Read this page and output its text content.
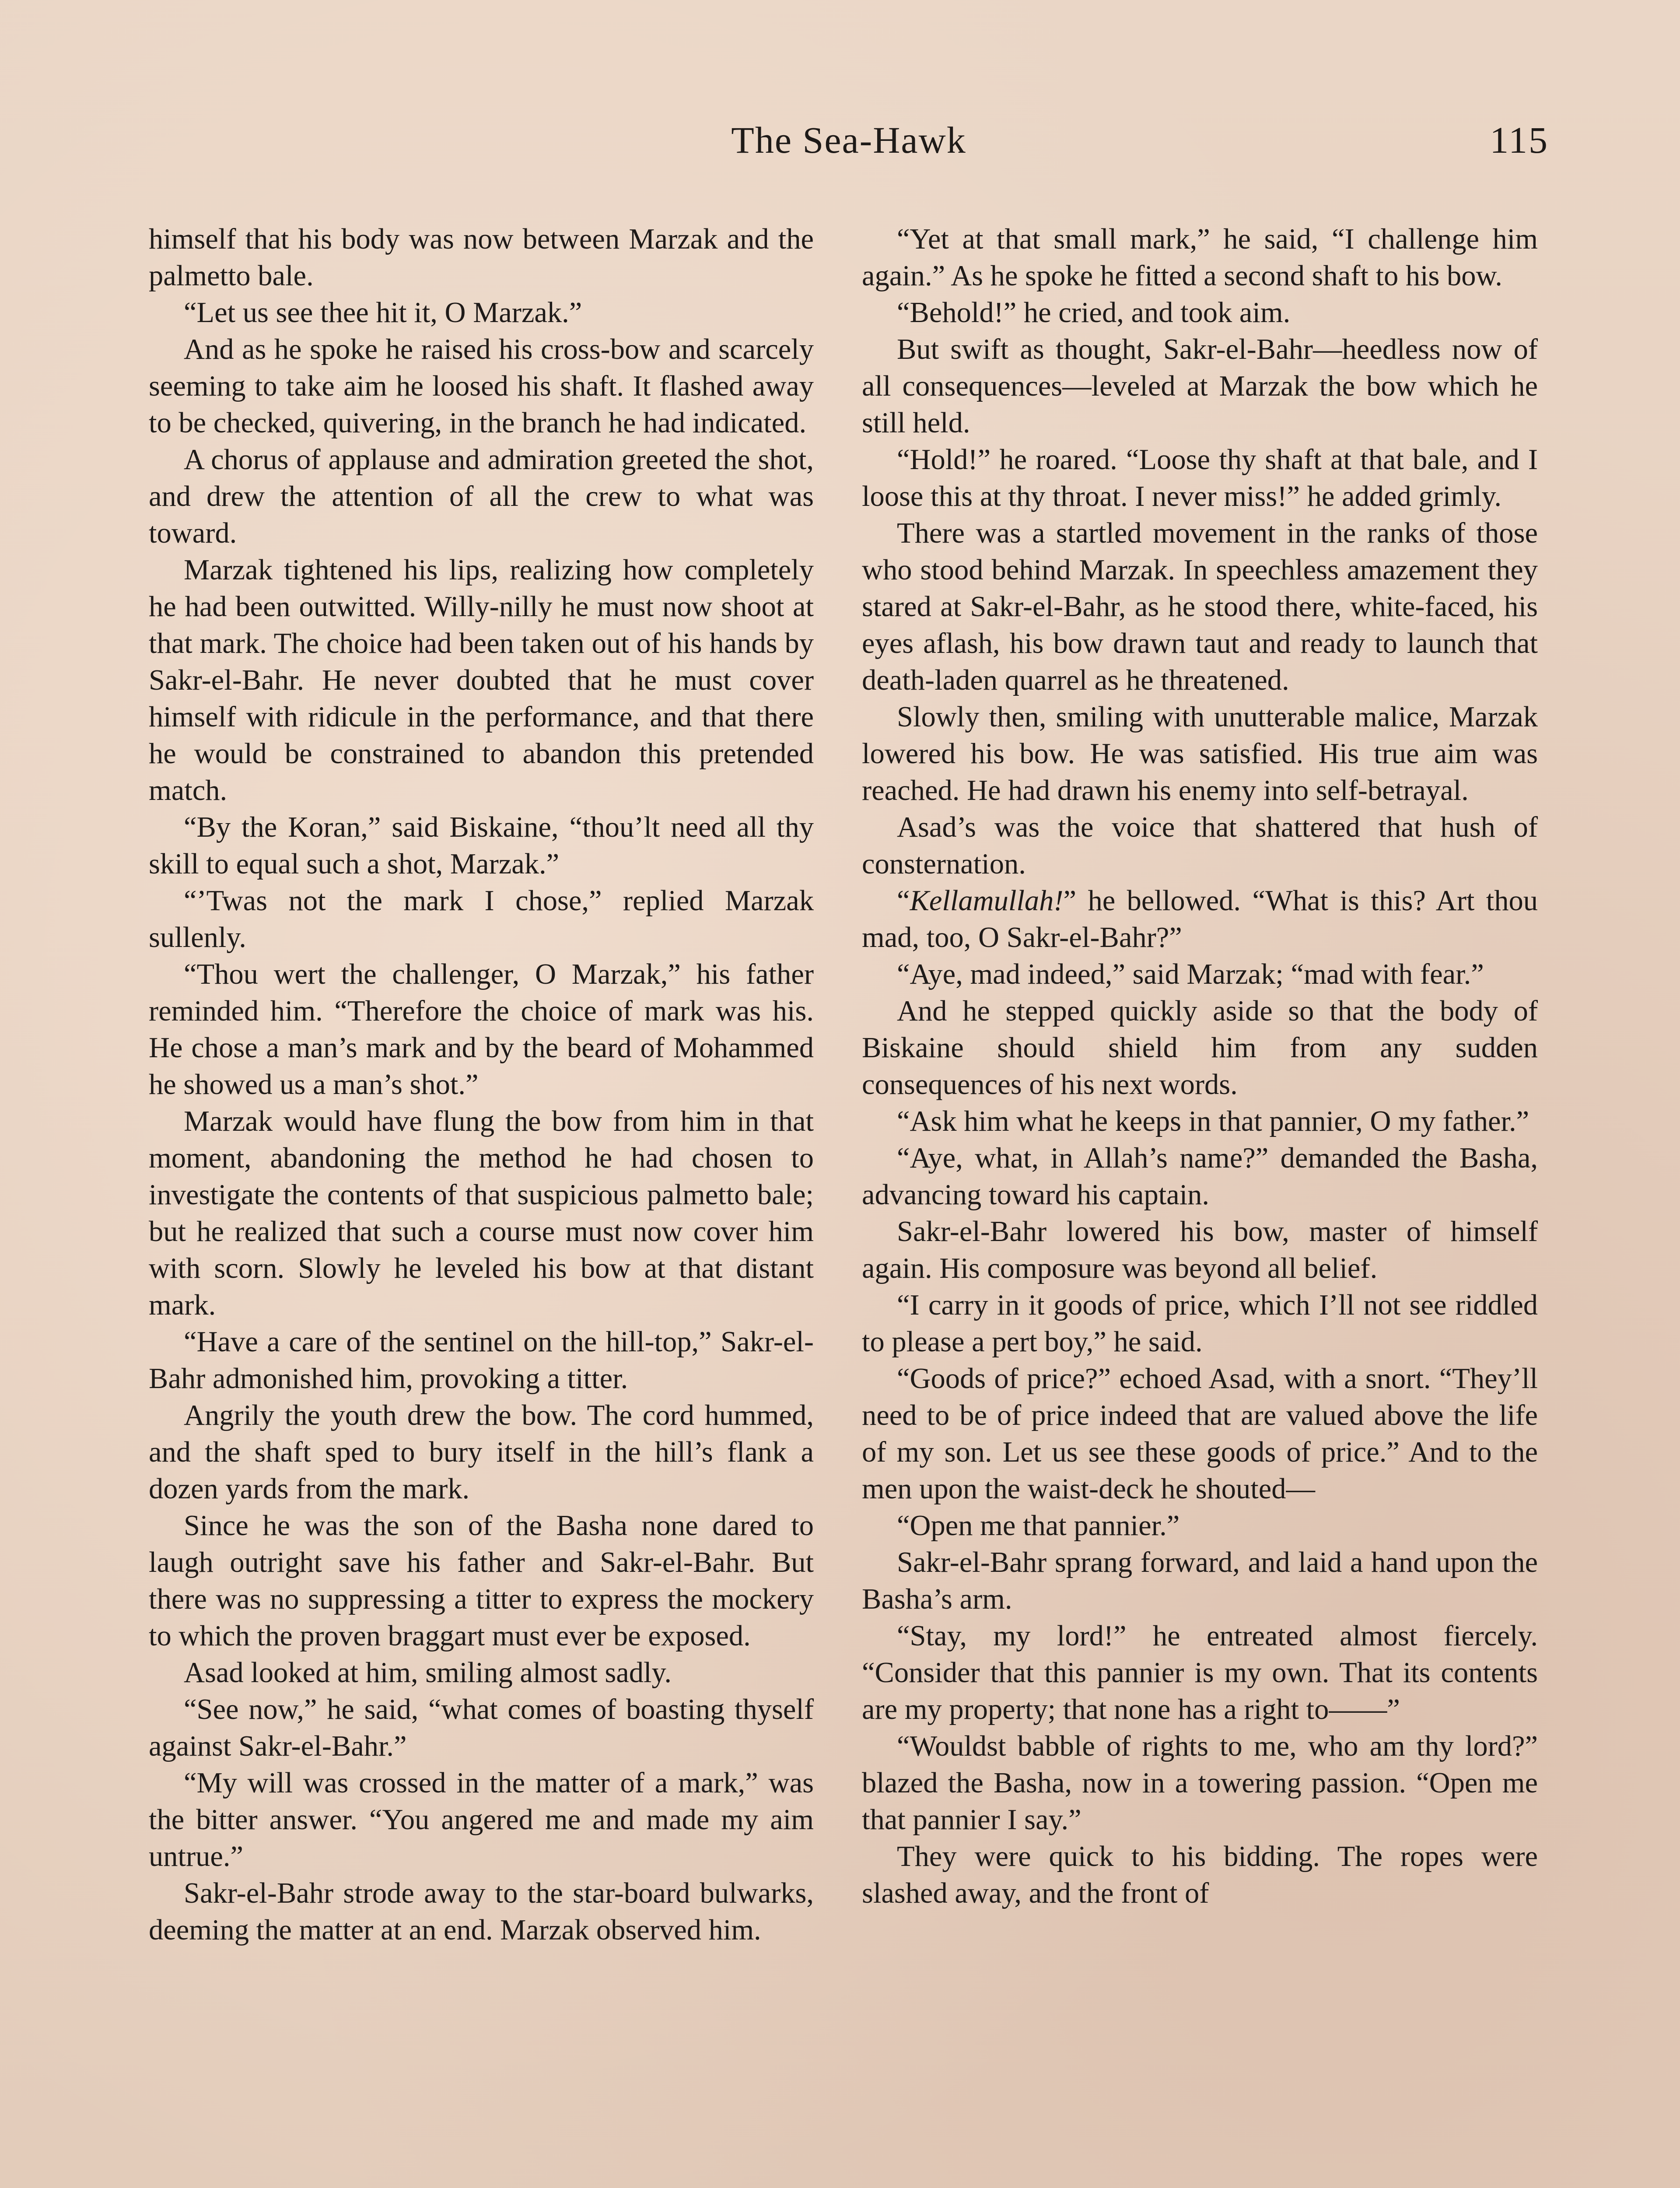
The Sea-Hawk	115

himself that his body was now between Marzak and the palmetto bale.

“Let us see thee hit it, O Marzak.”

And as he spoke he raised his cross-bow and scarcely seeming to take aim he loosed his shaft. It flashed away to be checked, quivering, in the branch he had indicated.

A chorus of applause and admiration greeted the shot, and drew the attention of all the crew to what was toward.

Marzak tightened his lips, realizing how completely he had been outwitted. Willy-nilly he must now shoot at that mark. The choice had been taken out of his hands by Sakr-el-Bahr. He never doubted that he must cover himself with ridicule in the performance, and that there he would be constrained to abandon this pretended match.

“By the Koran,” said Biskaine, “thou’lt need all thy skill to equal such a shot, Marzak.”

“’Twas not the mark I chose,” replied Marzak sullenly.

“Thou wert the challenger, O Marzak,” his father reminded him. “Therefore the choice of mark was his. He chose a man’s mark and by the beard of Mohammed he showed us a man’s shot.”

Marzak would have flung the bow from him in that moment, abandoning the method he had chosen to investigate the contents of that suspicious palmetto bale; but he realized that such a course must now cover him with scorn. Slowly he leveled his bow at that distant mark.

“Have a care of the sentinel on the hill-top,” Sakr-el-Bahr admonished him, provoking a titter.

Angrily the youth drew the bow. The cord hummed, and the shaft sped to bury itself in the hill’s flank a dozen yards from the mark.

Since he was the son of the Basha none dared to laugh outright save his father and Sakr-el-Bahr. But there was no suppressing a titter to express the mockery to which the proven braggart must ever be exposed.

Asad looked at him, smiling almost sadly.

“See now,” he said, “what comes of boasting thyself against Sakr-el-Bahr.”

“My will was crossed in the matter of a mark,” was the bitter answer. “You angered me and made my aim untrue.”

Sakr-el-Bahr strode away to the star-board bulwarks, deeming the matter at an end. Marzak observed him.

“Yet at that small mark,” he said, “I challenge him again.” As he spoke he fitted a second shaft to his bow.

“Behold!” he cried, and took aim.

But swift as thought, Sakr-el-Bahr—heedless now of all consequences—leveled at Marzak the bow which he still held.

“Hold!” he roared. “Loose thy shaft at that bale, and I loose this at thy throat. I never miss!” he added grimly.

There was a startled movement in the ranks of those who stood behind Marzak. In speechless amazement they stared at Sakr-el-Bahr, as he stood there, white-faced, his eyes aflash, his bow drawn taut and ready to launch that death-laden quarrel as he threatened.

Slowly then, smiling with unutterable malice, Marzak lowered his bow. He was satisfied. His true aim was reached. He had drawn his enemy into self-betrayal.

Asad’s was the voice that shattered that hush of consternation.

“Kellamullah!” he bellowed. “What is this? Art thou mad, too, O Sakr-el-Bahr?”

“Aye, mad indeed,” said Marzak; “mad with fear.”

And he stepped quickly aside so that the body of Biskaine should shield him from any sudden consequences of his next words.

“Ask him what he keeps in that pannier, O my father.”

“Aye, what, in Allah’s name?” demanded the Basha, advancing toward his captain.

Sakr-el-Bahr lowered his bow, master of himself again. His composure was beyond all belief.

“I carry in it goods of price, which I’ll not see riddled to please a pert boy,” he said.

“Goods of price?” echoed Asad, with a snort. “They’ll need to be of price indeed that are valued above the life of my son. Let us see these goods of price.” And to the men upon the waist-deck he shouted—

“Open me that pannier.”

Sakr-el-Bahr sprang forward, and laid a hand upon the Basha’s arm.

“Stay, my lord!” he entreated almost fiercely. “Consider that this pannier is my own. That its contents are my property; that none has a right to——”

“Wouldst babble of rights to me, who am thy lord?” blazed the Basha, now in a towering passion. “Open me that pannier I say.”

They were quick to his bidding. The ropes were slashed away, and the front of
